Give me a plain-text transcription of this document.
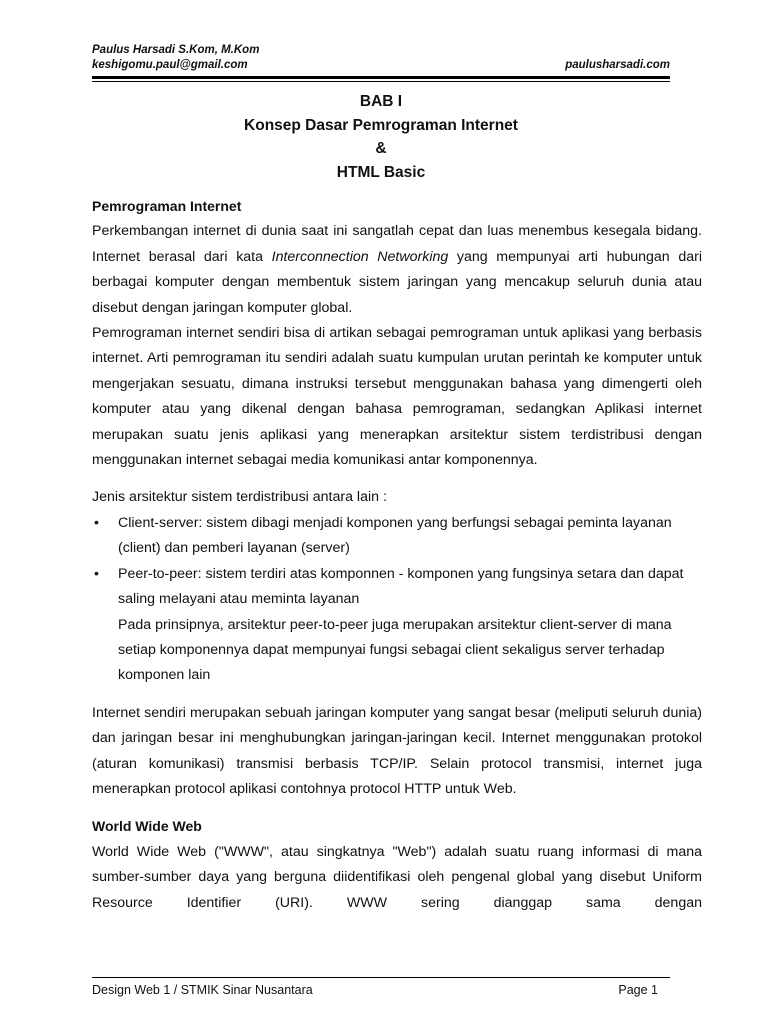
Paulus Harsadi S.Kom, M.Kom
keshigomu.paul@gmail.com	paulusharsadi.com
BAB I
Konsep Dasar Pemrograman Internet
&
HTML Basic
Pemrograman Internet

Perkembangan internet di dunia saat ini sangatlah cepat dan luas menembus kesegala bidang. Internet berasal dari kata Interconnection Networking yang mempunyai arti hubungan dari berbagai komputer dengan membentuk sistem jaringan yang mencakup seluruh dunia atau disebut dengan jaringan komputer global.

Pemrograman internet sendiri bisa di artikan sebagai pemrograman untuk aplikasi yang berbasis internet. Arti pemrograman itu sendiri adalah suatu kumpulan urutan perintah ke komputer untuk mengerjakan sesuatu, dimana instruksi tersebut menggunakan bahasa yang dimengerti oleh komputer atau yang dikenal dengan bahasa pemrograman, sedangkan Aplikasi internet merupakan suatu jenis aplikasi yang menerapkan arsitektur sistem terdistribusi dengan menggunakan internet sebagai media komunikasi antar komponennya.

Jenis arsitektur sistem terdistribusi antara lain :
• Client-server: sistem dibagi menjadi komponen yang berfungsi sebagai peminta layanan (client) dan pemberi layanan (server)
• Peer-to-peer: sistem terdiri atas komponnen - komponen yang fungsinya setara dan dapat saling melayani atau meminta layanan
Pada prinsipnya, arsitektur peer-to-peer juga merupakan arsitektur client-server di mana setiap komponennya dapat mempunyai fungsi sebagai client sekaligus server terhadap komponen lain

Internet sendiri merupakan sebuah jaringan komputer yang sangat besar (meliputi seluruh dunia) dan jaringan besar ini menghubungkan jaringan-jaringan kecil. Internet menggunakan protokol (aturan komunikasi) transmisi berbasis TCP/IP. Selain protocol transmisi, internet juga menerapkan protocol aplikasi contohnya protocol HTTP untuk Web.

World Wide Web

World Wide Web ("WWW", atau singkatnya "Web") adalah suatu ruang informasi di mana sumber-sumber daya yang berguna diidentifikasi oleh pengenal global yang disebut Uniform Resource Identifier (URI). WWW sering dianggap sama dengan

Design Web 1 / STMIK Sinar Nusantara	Page 1
